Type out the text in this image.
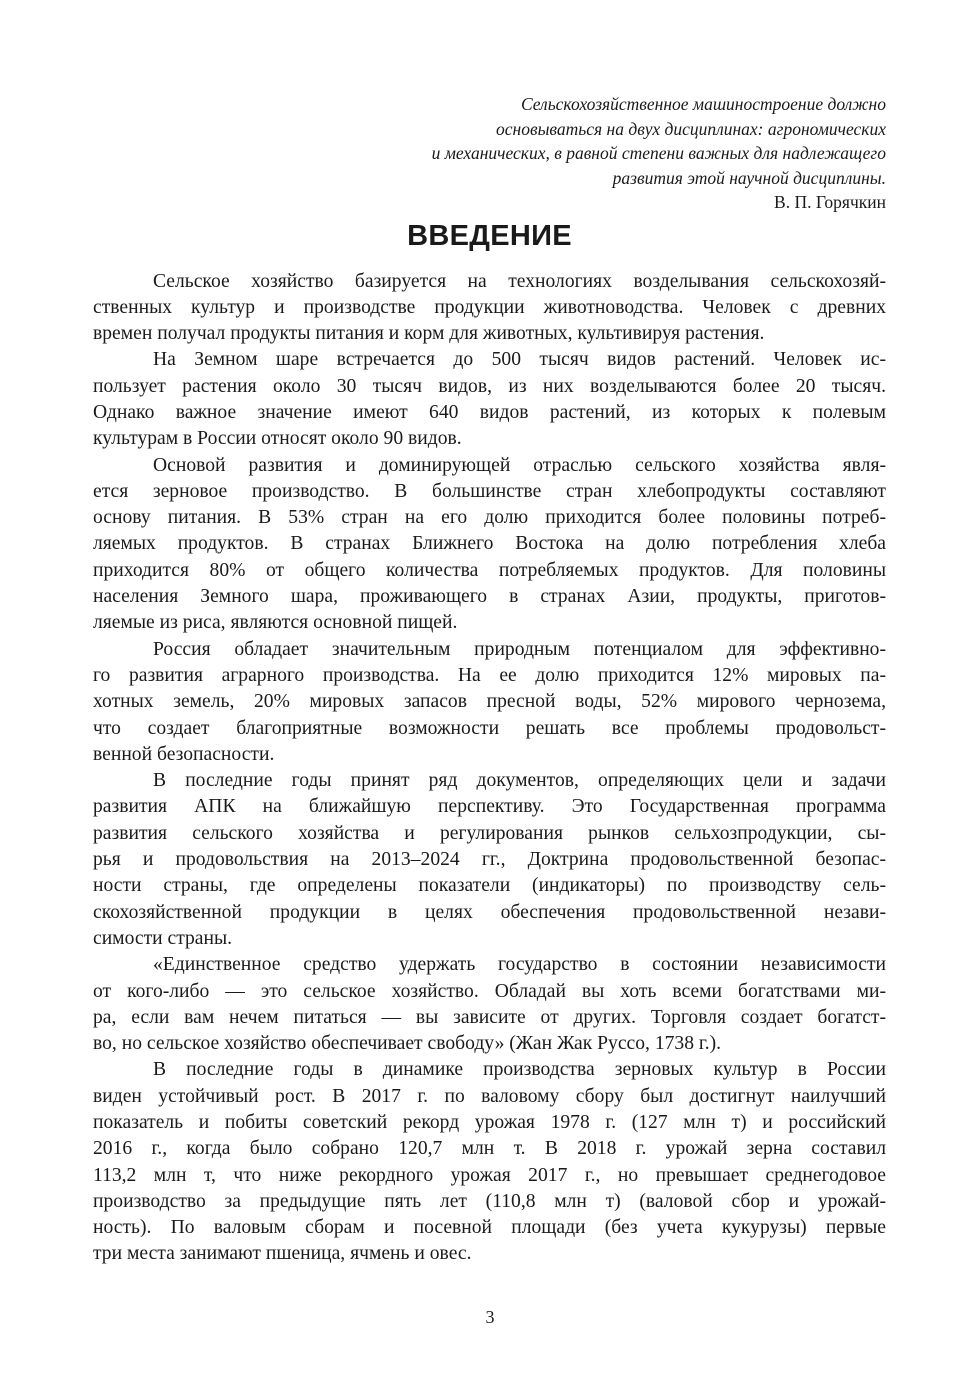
Сельскохозяйственное машиностроение должно
основываться на двух дисциплинах: агрономических
и механических, в равной степени важных для надлежащего
развития этой научной дисциплины.
В. П. Горячкин
ВВЕДЕНИЕ

Сельское хозяйство базируется на технологиях возделывания сельскохозяй-
ственных культур и производстве продукции животноводства. Человек с древних
времен получал продукты питания и корм для животных, культивируя растения.

На Земном шаре встречается до 500 тысяч видов растений. Человек ис-
пользует растения около 30 тысяч видов, из них возделываются более 20 тысяч.
Однако важное значение имеют 640 видов растений, из которых к полевым
культурам в России относят около 90 видов.

Основой развития и доминирующей отраслью сельского хозяйства явля-
ется зерновое производство. В большинстве стран хлебопродукты составляют
основу питания. В 53% стран на его долю приходится более половины потреб-
ляемых продуктов. В странах Ближнего Востока на долю потребления хлеба
приходится 80% от общего количества потребляемых продуктов. Для половины
населения Земного шара, проживающего в странах Азии, продукты, приготов-
ляемые из риса, являются основной пищей.

Россия обладает значительным природным потенциалом для эффективно-
го развития аграрного производства. На ее долю приходится 12% мировых па-
хотных земель, 20% мировых запасов пресной воды, 52% мирового чернозема,
что создает благоприятные возможности решать все проблемы продовольст-
венной безопасности.

В последние годы принят ряд документов, определяющих цели и задачи
развития АПК на ближайшую перспективу. Это Государственная программа
развития сельского хозяйства и регулирования рынков сельхозпродукции, сы-
рья и продовольствия на 2013–2024 гг., Доктрина продовольственной безопас-
ности страны, где определены показатели (индикаторы) по производству сель-
скохозяйственной продукции в целях обеспечения продовольственной незави-
симости страны.

«Единственное средство удержать государство в состоянии независимости
от кого-либо — это сельское хозяйство. Обладай вы хоть всеми богатствами ми-
ра, если вам нечем питаться — вы зависите от других. Торговля создает богатст-
во, но сельское хозяйство обеспечивает свободу» (Жан Жак Руссо, 1738 г.).

В последние годы в динамике производства зерновых культур в России
виден устойчивый рост. В 2017 г. по валовому сбору был достигнут наилучший
показатель и побиты советский рекорд урожая 1978 г. (127 млн т) и российский
2016 г., когда было собрано 120,7 млн т. В 2018 г. урожай зерна составил
113,2 млн т, что ниже рекордного урожая 2017 г., но превышает среднегодовое
производство за предыдущие пять лет (110,8 млн т) (валовой сбор и урожай-
ность). По валовым сборам и посевной площади (без учета кукурузы) первые
три места занимают пшеница, ячмень и овес.

3
